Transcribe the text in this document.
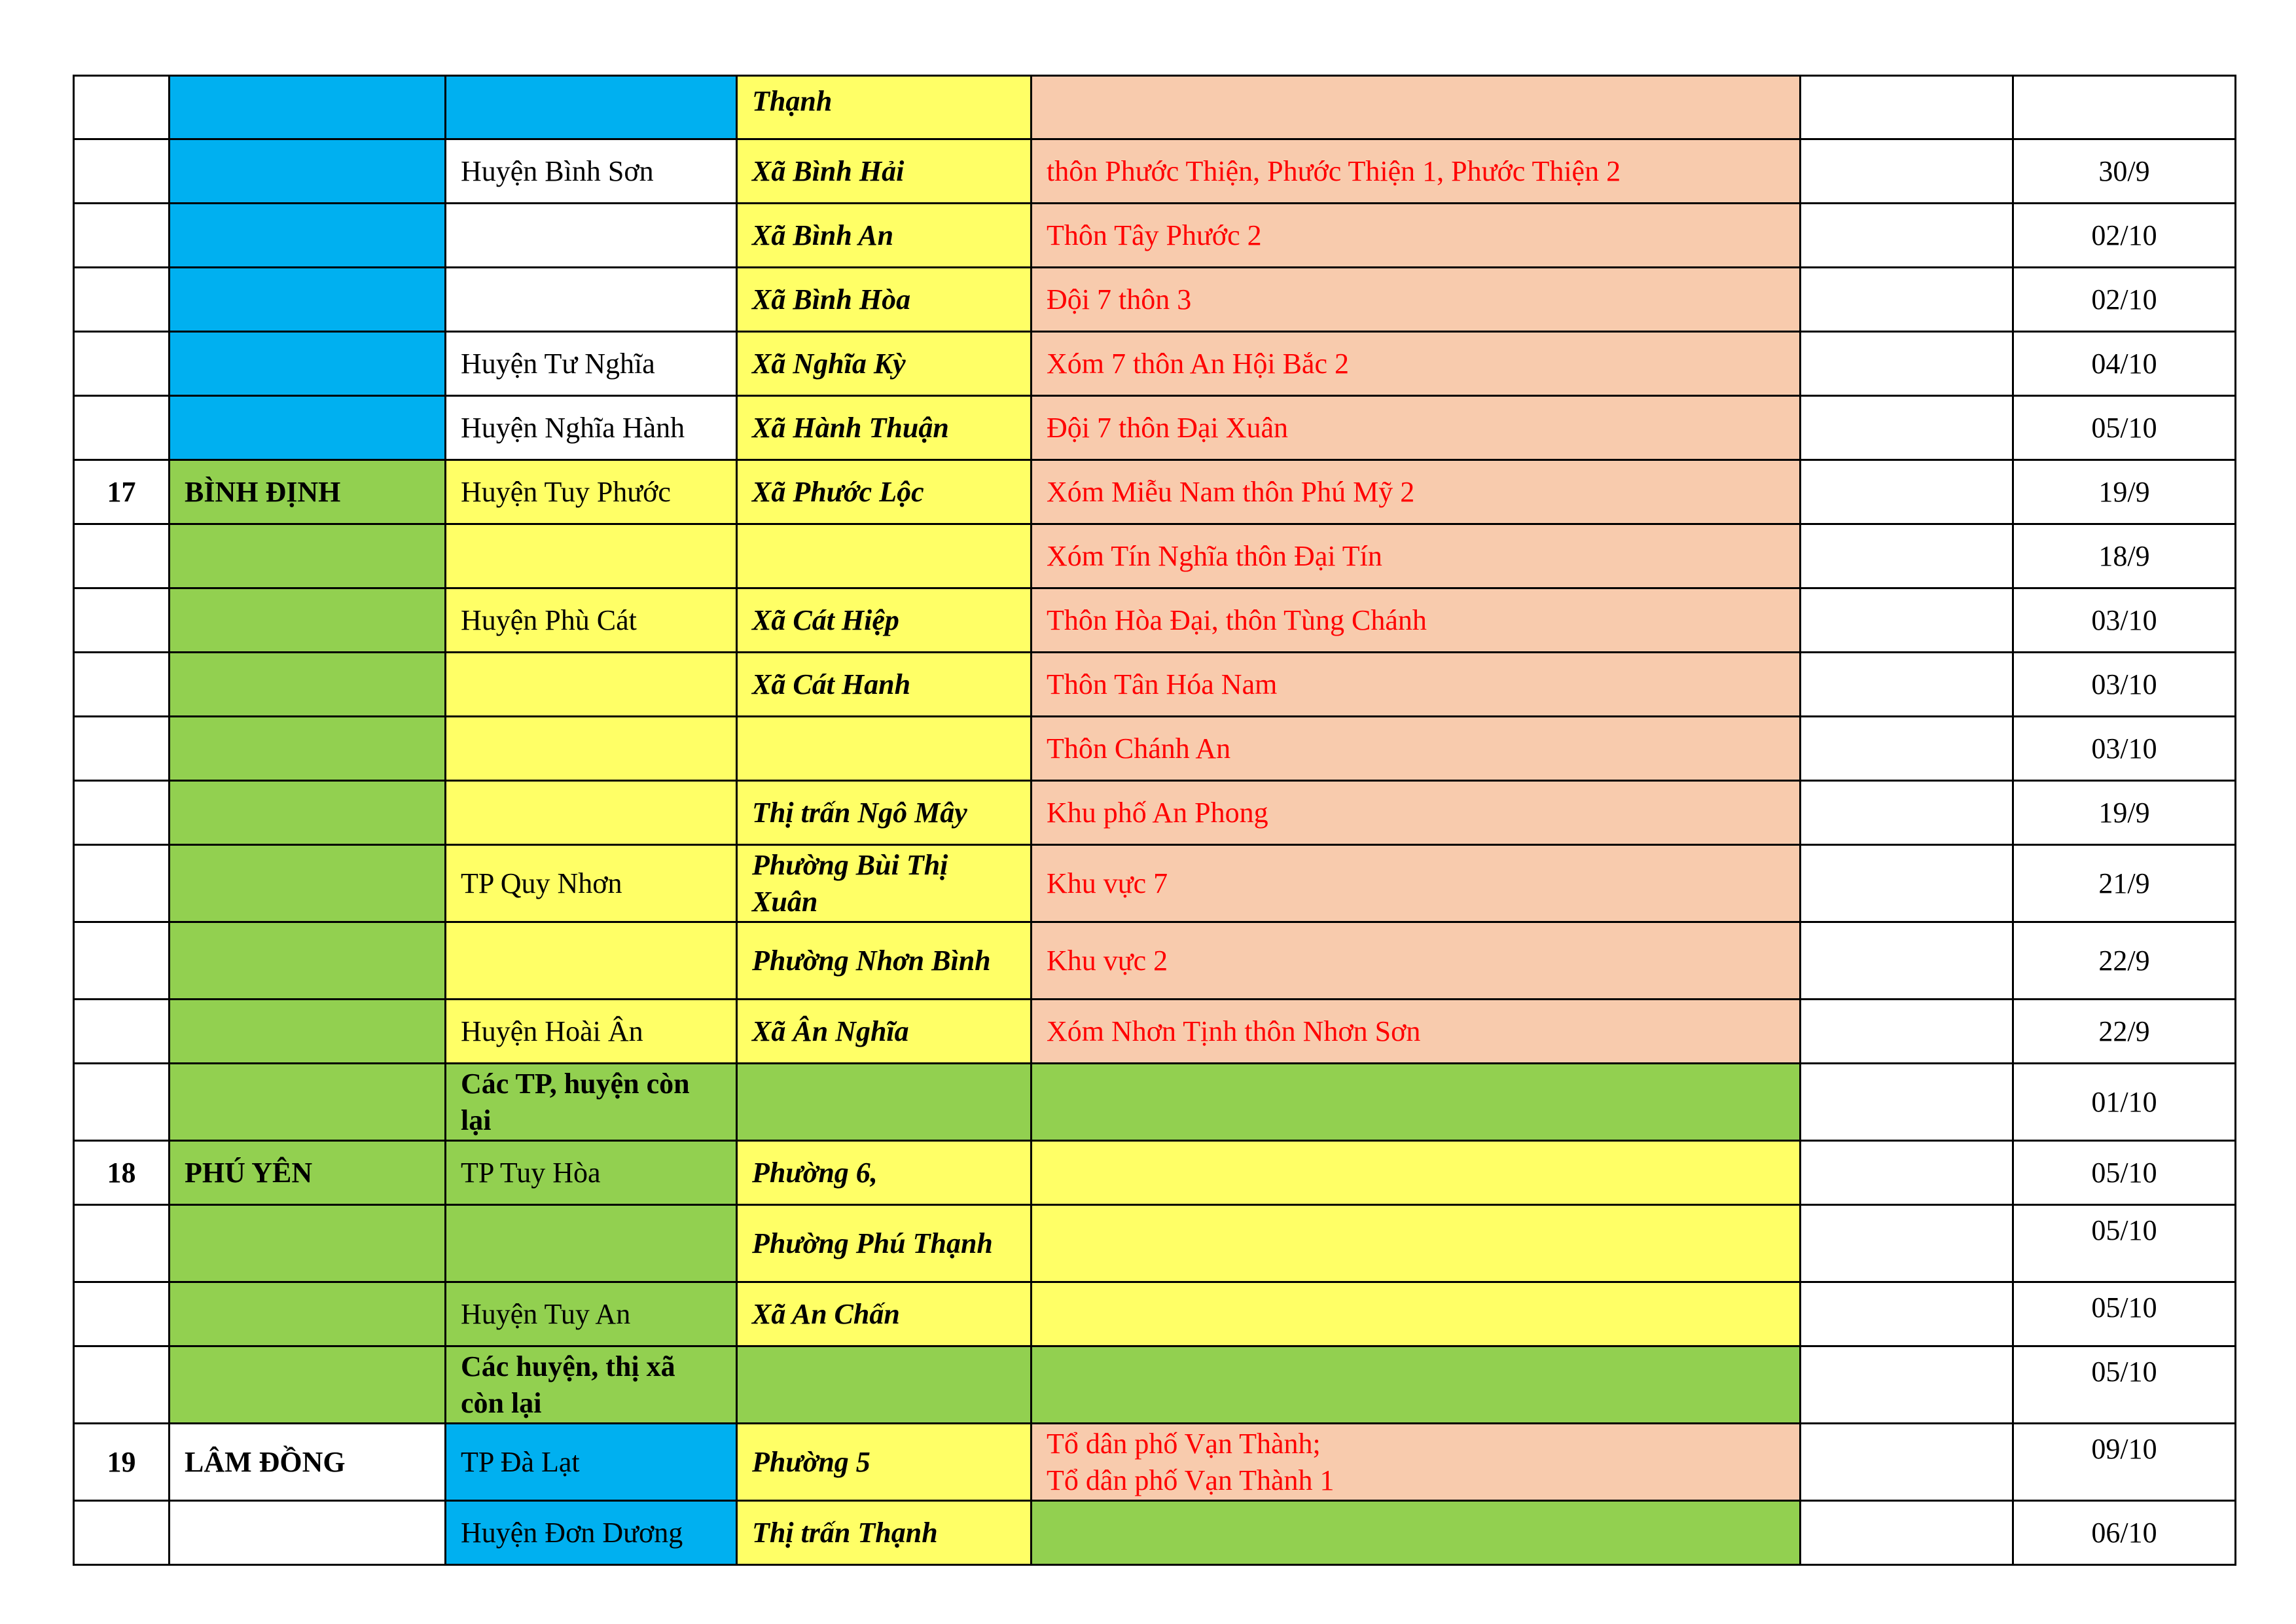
			Thạnh			
		Huyện Bình Sơn	Xã Bình Hải	thôn Phước Thiện, Phước Thiện 1, Phước Thiện 2		30/9
			Xã Bình An	Thôn Tây Phước 2		02/10
			Xã Bình Hòa	Đội 7 thôn 3		02/10
		Huyện Tư Nghĩa	Xã Nghĩa Kỳ	Xóm 7 thôn An Hội Bắc 2		04/10
		Huyện Nghĩa Hành	Xã Hành Thuận	Đội 7 thôn Đại Xuân		05/10
17	BÌNH ĐỊNH	Huyện Tuy Phước	Xã Phước Lộc	Xóm Miễu Nam thôn Phú Mỹ 2		19/9
				Xóm Tín Nghĩa thôn Đại Tín		18/9
		Huyện Phù Cát	Xã Cát Hiệp	Thôn Hòa Đại, thôn Tùng Chánh		03/10
			Xã Cát Hanh	Thôn Tân Hóa Nam		03/10
				Thôn Chánh An		03/10
			Thị trấn Ngô Mây	Khu phố An Phong		19/9
		TP Quy Nhơn	Phường Bùi Thị Xuân	Khu vực 7		21/9
			Phường Nhơn Bình	Khu vực 2		22/9
		Huyện Hoài Ân	Xã Ân Nghĩa	Xóm Nhơn Tịnh thôn Nhơn Sơn		22/9
		Các TP, huyện còn lại				01/10
18	PHÚ YÊN	TP Tuy Hòa	Phường 6,			05/10
			Phường Phú Thạnh			05/10
		Huyện Tuy An	Xã An Chấn			05/10
		Các huyện, thị xã còn lại				05/10
19	LÂM ĐỒNG	TP Đà Lạt	Phường 5	Tổ dân phố Vạn Thành;
Tổ dân phố Vạn Thành 1		09/10
		Huyện Đơn Dương	Thị trấn Thạnh			06/10
